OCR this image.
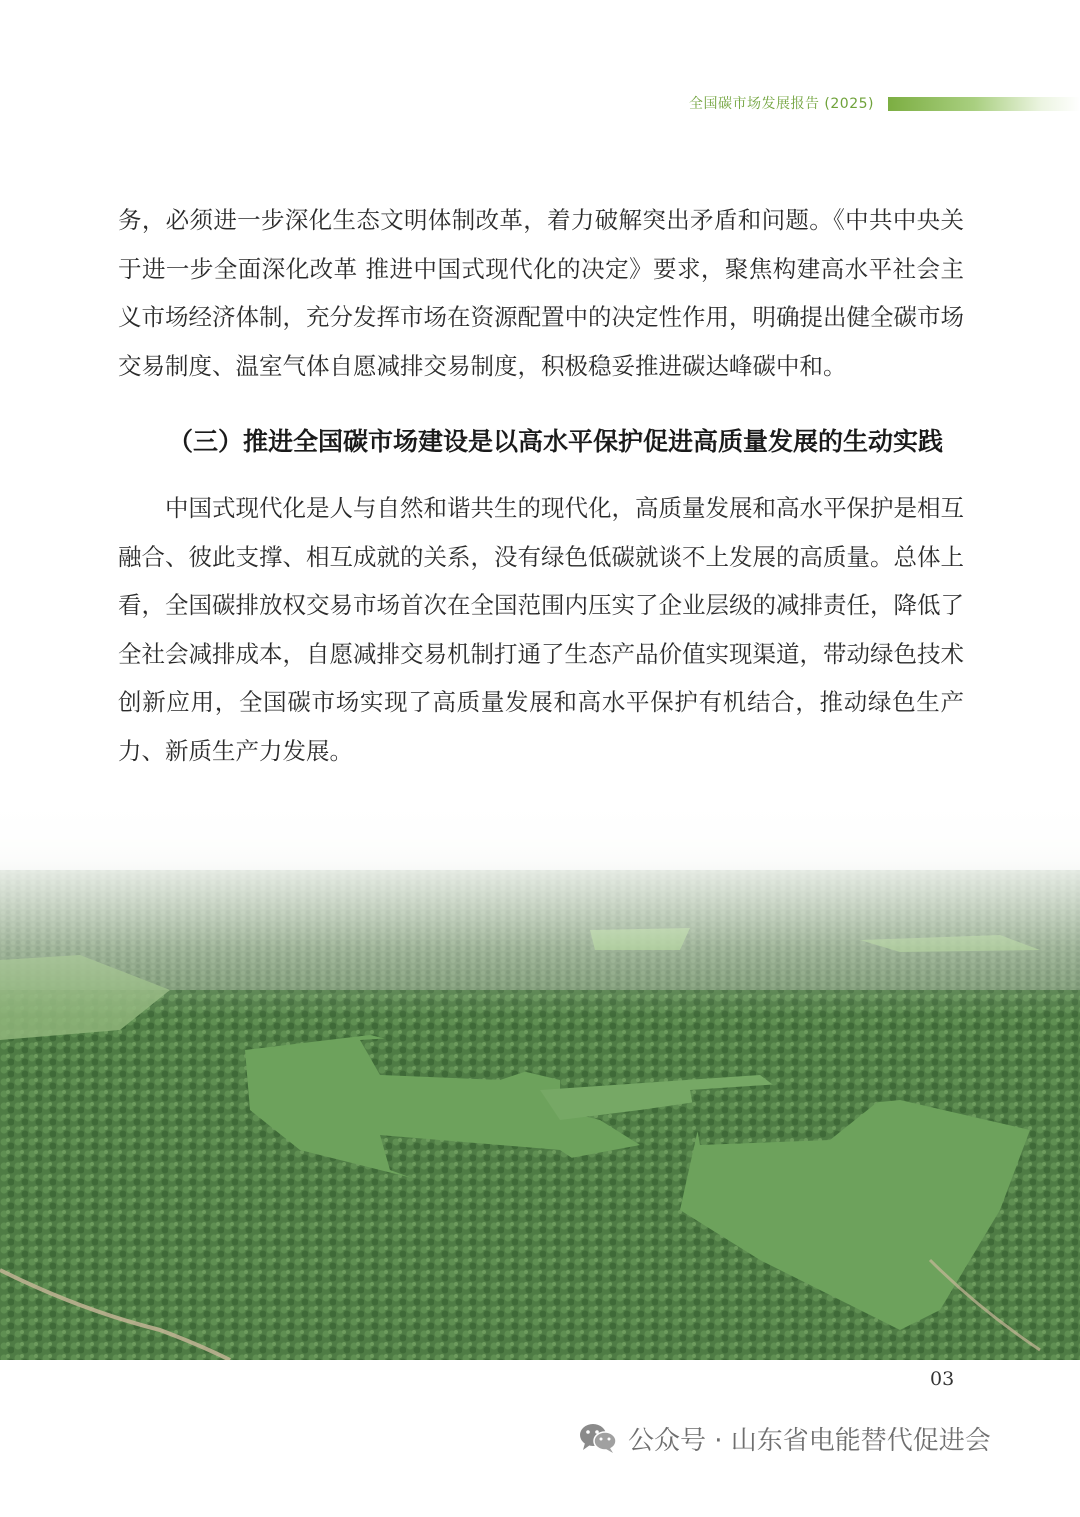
全国碳市场发展报告 (2025)

务，必须进一步深化生态文明体制改革，着力破解突出矛盾和问题。《中共中央关于进一步全面深化改革 推进中国式现代化的决定》要求，聚焦构建高水平社会主义市场经济体制，充分发挥市场在资源配置中的决定性作用，明确提出健全碳市场交易制度、温室气体自愿减排交易制度，积极稳妥推进碳达峰碳中和。

（三）推进全国碳市场建设是以高水平保护促进高质量发展的生动实践

中国式现代化是人与自然和谐共生的现代化，高质量发展和高水平保护是相互融合、彼此支撑、相互成就的关系，没有绿色低碳就谈不上发展的高质量。总体上看，全国碳排放权交易市场首次在全国范围内压实了企业层级的减排责任，降低了全社会减排成本，自愿减排交易机制打通了生态产品价值实现渠道，带动绿色技术创新应用，全国碳市场实现了高质量发展和高水平保护有机结合，推动绿色生产力、新质生产力发展。

03
公众号 · 山东省电能替代促进会
